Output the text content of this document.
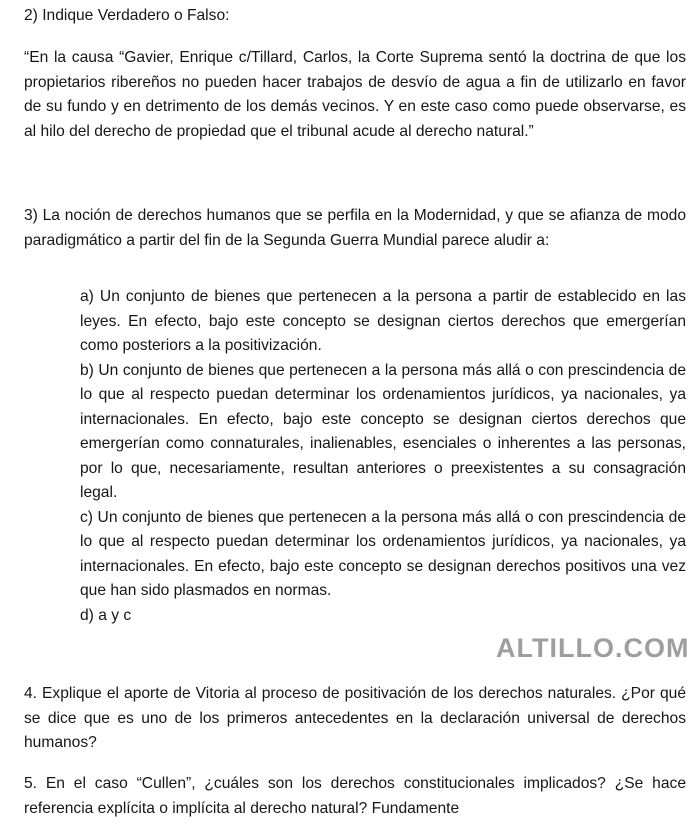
2) Indique Verdadero o Falso:

“En la causa “Gavier, Enrique c/Tillard, Carlos, la Corte Suprema sentó la doctrina de que los propietarios ribereños no pueden hacer trabajos de desvío de agua a fin de utilizarlo en favor de su fundo y en detrimento de los demás vecinos. Y en este caso como puede observarse, es al hilo del derecho de propiedad que el tribunal acude al derecho natural.”

3) La noción de derechos humanos que se perfila en la Modernidad, y que se afianza de modo paradigmático a partir del fin de la Segunda Guerra Mundial parece aludir a:

a) Un conjunto de bienes que pertenecen a la persona a partir de establecido en las leyes. En efecto, bajo este concepto se designan ciertos derechos que emergerían como posteriors a la positivización.

b) Un conjunto de bienes que pertenecen a la persona más allá o con prescindencia de lo que al respecto puedan determinar los ordenamientos jurídicos, ya nacionales, ya internacionales. En efecto, bajo este concepto se designan ciertos derechos que emergerían como connaturales, inalienables, esenciales o inherentes a las personas, por lo que, necesariamente, resultan anteriores o preexistentes a su consagración legal.

c) Un conjunto de bienes que pertenecen a la persona más allá o con prescindencia de lo que al respecto puedan determinar los ordenamientos jurídicos, ya nacionales, ya internacionales. En efecto, bajo este concepto se designan derechos positivos una vez que han sido plasmados en normas.

d) a y c

4. Explique el aporte de Vitoria al proceso de positivación de los derechos naturales. ¿Por qué se dice que es uno de los primeros antecedentes en la declaración universal de derechos humanos?

5. En el caso “Cullen”, ¿cuáles son los derechos constitucionales implicados? ¿Se hace referencia explícita o implícita al derecho natural? Fundamente

ALTILLO.COM
